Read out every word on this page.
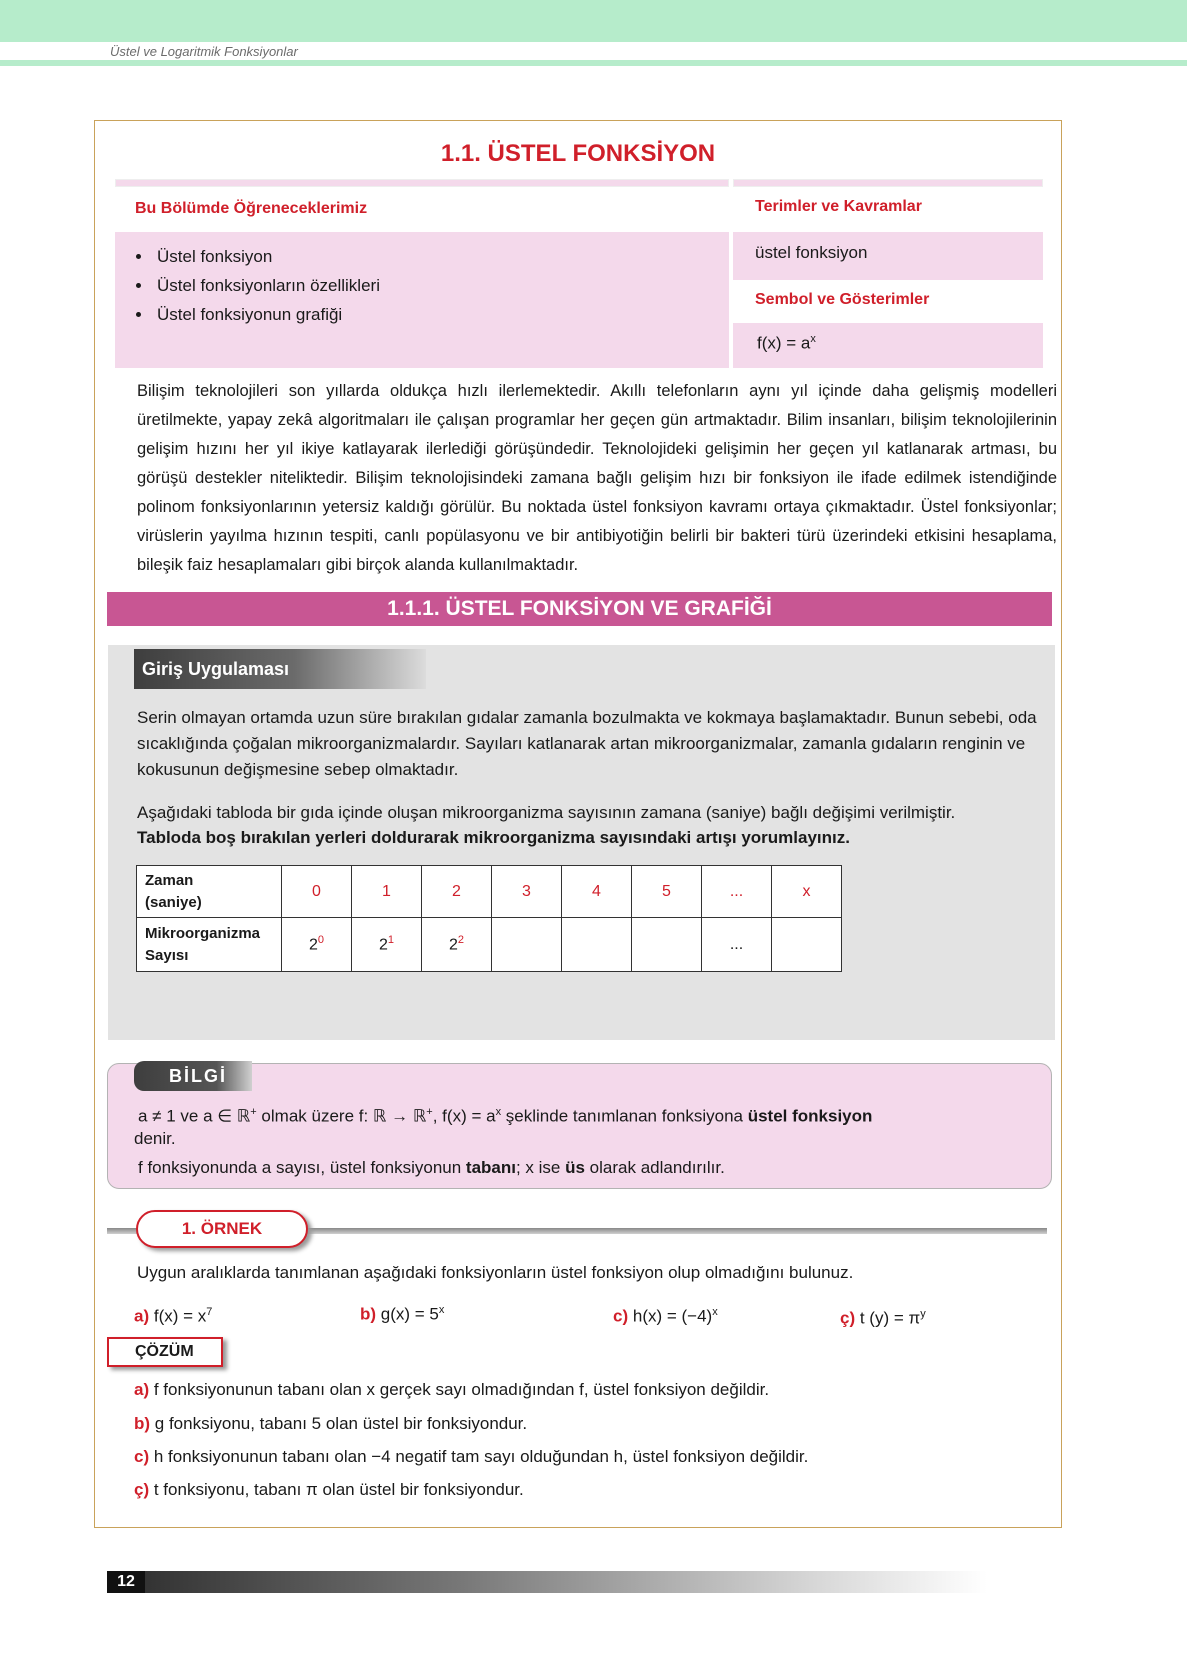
Üstel ve Logaritmik Fonksiyonlar
1.1. ÜSTEL FONKSİYON
Bu Bölümde Öğreneceklerimiz
• Üstel fonksiyon
• Üstel fonksiyonların özellikleri
• Üstel fonksiyonun grafiği
Terimler ve Kavramlar
üstel fonksiyon
Sembol ve Gösterimler
$f(x) = a^x$
Bilişim teknolojileri son yıllarda oldukça hızlı ilerlemektedir. Akıllı telefonların aynı yıl içinde daha gelişmiş modelleri üretilmekte, yapay zekâ algoritmaları ile çalışan programlar her geçen gün artmaktadır. Bilim insanları, bilişim teknolojilerinin gelişim hızını her yıl ikiye katlayarak ilerlediği görüşündedir. Teknolojideki gelişimin her geçen yıl katlanarak artması, bu görüşü destekler niteliktedir. Bilişim teknolojisindeki zamana bağlı gelişim hızı bir fonksiyon ile ifade edilmek istendiğinde polinom fonksiyonlarının yetersiz kaldığı görülür. Bu noktada üstel fonksiyon kavramı ortaya çıkmaktadır. Üstel fonksiyonlar; virüslerin yayılma hızının tespiti, canlı popülasyonu ve bir antibiyotiğin belirli bir bakteri türü üzerindeki etkisini hesaplama, bileşik faiz hesaplamaları gibi birçok alanda kullanılmaktadır.
1.1.1. ÜSTEL FONKSİYON VE GRAFİĞİ
Giriş Uygulaması
Serin olmayan ortamda uzun süre bırakılan gıdalar zamanla bozulmakta ve kokmaya başlamaktadır. Bunun sebebi, oda sıcaklığında çoğalan mikroorganizmalardır. Sayıları katlanarak artan mikroorganizmalar, zamanla gıdaların renginin ve kokusunun değişmesine sebep olmaktadır.
Aşağıdaki tabloda bir gıda içinde oluşan mikroorganizma sayısının zamana (saniye) bağlı değişimi verilmiştir.
Tabloda boş bırakılan yerleri doldurarak mikroorganizma sayısındaki artışı yorumlayınız.
Zaman
(saniye)	0	1	2	3	4	5	...	x
Mikroorganizma
Sayısı	$2^0$	$2^1$	$2^2$				...	
BİLGİ
a ≠ 1 ve a ∈ ℝ+ olmak üzere f: ℝ → ℝ+, $f(x) = a^x$ şeklinde tanımlanan fonksiyona üstel fonksiyon
denir.
f fonksiyonunda a sayısı, üstel fonksiyonun tabanı; x ise üs olarak adlandırılır.
1. ÖRNEK
Uygun aralıklarda tanımlanan aşağıdaki fonksiyonların üstel fonksiyon olup olmadığını bulunuz.
a) $f(x) = x^7$	b) $g(x) = 5^x$	c) $h(x) = (-4)^x$	ç) t $(y) = \pi^y$
ÇÖZÜM
a) f fonksiyonunun tabanı olan x gerçek sayı olmadığından f, üstel fonksiyon değildir.
b) g fonksiyonu, tabanı 5 olan üstel bir fonksiyondur.
c) h fonksiyonunun tabanı olan −4 negatif tam sayı olduğundan h, üstel fonksiyon değildir.
ç) t fonksiyonu, tabanı π olan üstel bir fonksiyondur.
12
